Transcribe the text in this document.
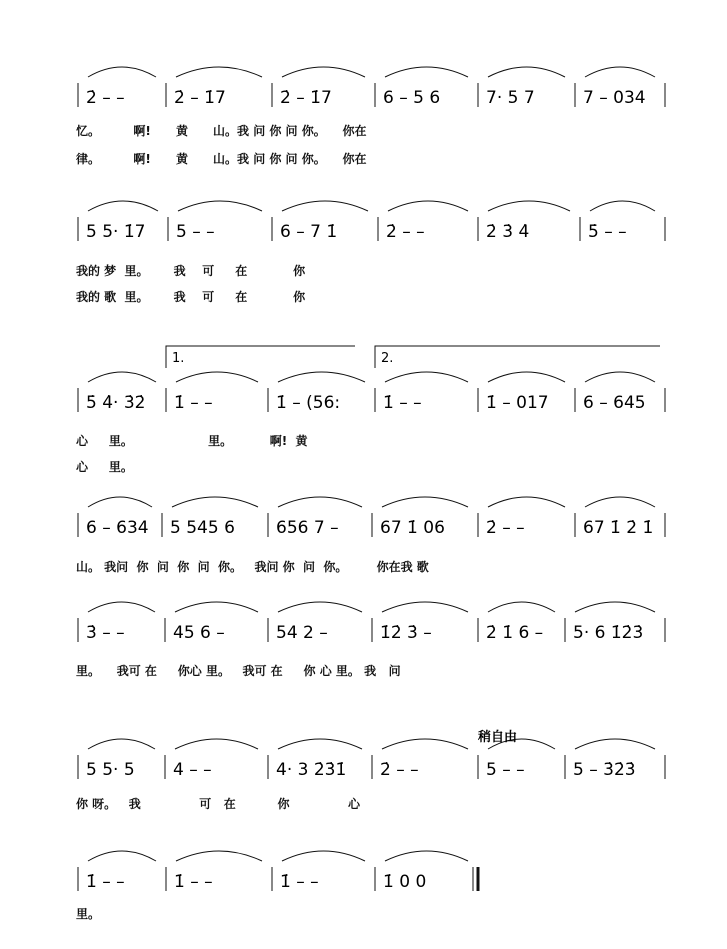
2̇ – –	2̇ – 1̇7	2̇ – 1̇7	6 – 5 6	7· 5 7	7 – 034
5 5· 1̇7 5 – –	6 – 7 1̇	2̇ – –	2̇ 3̇ 4̇	5̇ – –
5̇ 4̇· 3̇2̇ 1̇ – –	1̇ – (56:	1̇ – –	1̇ – 017 6 – 645
1.	2.
6 – 634 5 545 6 656 7 – 67 1̇ 06 2̇ – –	67 1̇ 2̇ 1̇
3̇ – –	45 6 –	54 2 –	1̇2̇ 3̇ –	2̇ 1̇ 6 – 5· 6 1̇2̇3̇
5 5· 5 4 – –	4· 3 2̇3̇1̇ 2̇ – –	5 – –	5 – 3̇2̇3̇
稍自由
1̇ – –	1̇ – –	1̇ – –	1̇ 0 0
忆。        啊!      黄      山。我 问 你 问 你。    你在
律。        啊!      黄      山。我 问 你 问 你。    你在
我的 梦  里。      我    可     在           你
我的 歌  里。      我    可     在           你
心     里。                  里。         啊!  黄
心     里。
山。 我问  你  问  你  问  你。   我问 你  问  你。       你在我 歌
里。    我可 在     你心 里。   我可 在     你 心 里。 我   问
你 呀。   我              可   在          你              心
里。
